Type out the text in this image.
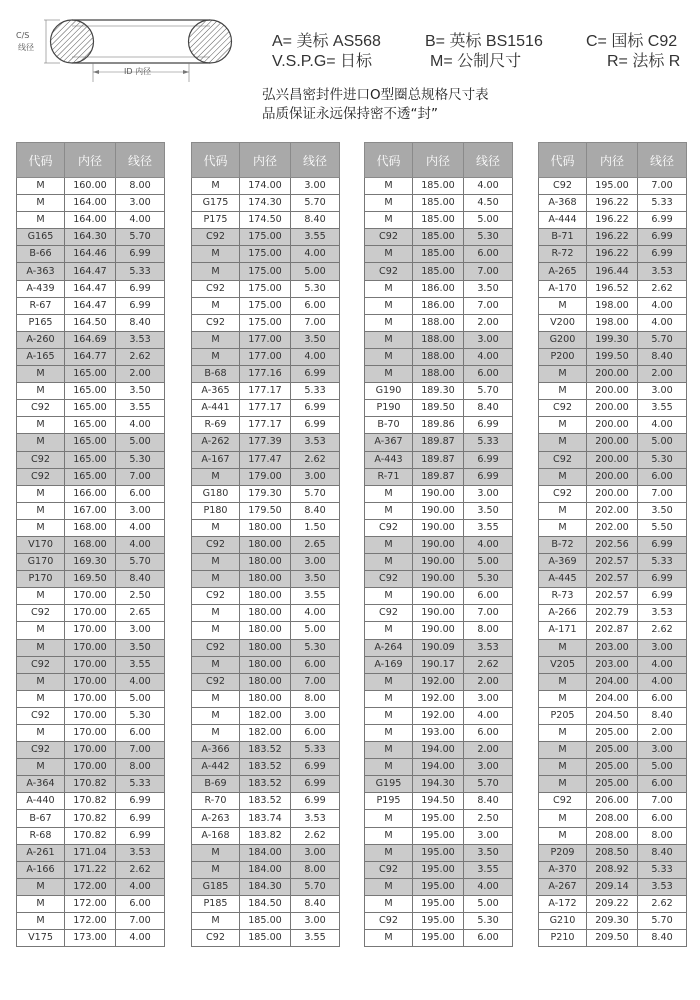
C/S
线径
ID 内径
A= 美标 AS568	B= 英标 BS1516	C= 国标 C92
V.S.P.G= 日标	M= 公制尺寸	R= 法标 R
弘兴昌密封件进口O型圈总规格尺寸表
品质保证永远保持密不透“封”
代码	内径	线径
M	160.00	8.00
M	164.00	3.00
M	164.00	4.00
G165	164.30	5.70
B-66	164.46	6.99
A-363	164.47	5.33
A-439	164.47	6.99
R-67	164.47	6.99
P165	164.50	8.40
A-260	164.69	3.53
A-165	164.77	2.62
M	165.00	2.00
M	165.00	3.50
C92	165.00	3.55
M	165.00	4.00
M	165.00	5.00
C92	165.00	5.30
C92	165.00	7.00
M	166.00	6.00
M	167.00	3.00
M	168.00	4.00
V170	168.00	4.00
G170	169.30	5.70
P170	169.50	8.40
M	170.00	2.50
C92	170.00	2.65
M	170.00	3.00
M	170.00	3.50
C92	170.00	3.55
M	170.00	4.00
M	170.00	5.00
C92	170.00	5.30
M	170.00	6.00
C92	170.00	7.00
M	170.00	8.00
A-364	170.82	5.33
A-440	170.82	6.99
B-67	170.82	6.99
R-68	170.82	6.99
A-261	171.04	3.53
A-166	171.22	2.62
M	172.00	4.00
M	172.00	6.00
M	172.00	7.00
V175	173.00	4.00
代码	内径	线径
M	174.00	3.00
G175	174.30	5.70
P175	174.50	8.40
C92	175.00	3.55
M	175.00	4.00
M	175.00	5.00
C92	175.00	5.30
M	175.00	6.00
C92	175.00	7.00
M	177.00	3.50
M	177.00	4.00
B-68	177.16	6.99
A-365	177.17	5.33
A-441	177.17	6.99
R-69	177.17	6.99
A-262	177.39	3.53
A-167	177.47	2.62
M	179.00	3.00
G180	179.30	5.70
P180	179.50	8.40
M	180.00	1.50
C92	180.00	2.65
M	180.00	3.00
M	180.00	3.50
C92	180.00	3.55
M	180.00	4.00
M	180.00	5.00
C92	180.00	5.30
M	180.00	6.00
C92	180.00	7.00
M	180.00	8.00
M	182.00	3.00
M	182.00	6.00
A-366	183.52	5.33
A-442	183.52	6.99
B-69	183.52	6.99
R-70	183.52	6.99
A-263	183.74	3.53
A-168	183.82	2.62
M	184.00	3.00
M	184.00	8.00
G185	184.30	5.70
P185	184.50	8.40
M	185.00	3.00
C92	185.00	3.55
代码	内径	线径
M	185.00	4.00
M	185.00	4.50
M	185.00	5.00
C92	185.00	5.30
M	185.00	6.00
C92	185.00	7.00
M	186.00	3.50
M	186.00	7.00
M	188.00	2.00
M	188.00	3.00
M	188.00	4.00
M	188.00	6.00
G190	189.30	5.70
P190	189.50	8.40
B-70	189.86	6.99
A-367	189.87	5.33
A-443	189.87	6.99
R-71	189.87	6.99
M	190.00	3.00
M	190.00	3.50
C92	190.00	3.55
M	190.00	4.00
M	190.00	5.00
C92	190.00	5.30
M	190.00	6.00
C92	190.00	7.00
M	190.00	8.00
A-264	190.09	3.53
A-169	190.17	2.62
M	192.00	2.00
M	192.00	3.00
M	192.00	4.00
M	193.00	6.00
M	194.00	2.00
M	194.00	3.00
G195	194.30	5.70
P195	194.50	8.40
M	195.00	2.50
M	195.00	3.00
M	195.00	3.50
C92	195.00	3.55
M	195.00	4.00
M	195.00	5.00
C92	195.00	5.30
M	195.00	6.00
代码	内径	线径
C92	195.00	7.00
A-368	196.22	5.33
A-444	196.22	6.99
B-71	196.22	6.99
R-72	196.22	6.99
A-265	196.44	3.53
A-170	196.52	2.62
M	198.00	4.00
V200	198.00	4.00
G200	199.30	5.70
P200	199.50	8.40
M	200.00	2.00
M	200.00	3.00
C92	200.00	3.55
M	200.00	4.00
M	200.00	5.00
C92	200.00	5.30
M	200.00	6.00
C92	200.00	7.00
M	202.00	3.50
M	202.00	5.50
B-72	202.56	6.99
A-369	202.57	5.33
A-445	202.57	6.99
R-73	202.57	6.99
A-266	202.79	3.53
A-171	202.87	2.62
M	203.00	3.00
V205	203.00	4.00
M	204.00	4.00
M	204.00	6.00
P205	204.50	8.40
M	205.00	2.00
M	205.00	3.00
M	205.00	5.00
M	205.00	6.00
C92	206.00	7.00
M	208.00	6.00
M	208.00	8.00
P209	208.50	8.40
A-370	208.92	5.33
A-267	209.14	3.53
A-172	209.22	2.62
G210	209.30	5.70
P210	209.50	8.40
